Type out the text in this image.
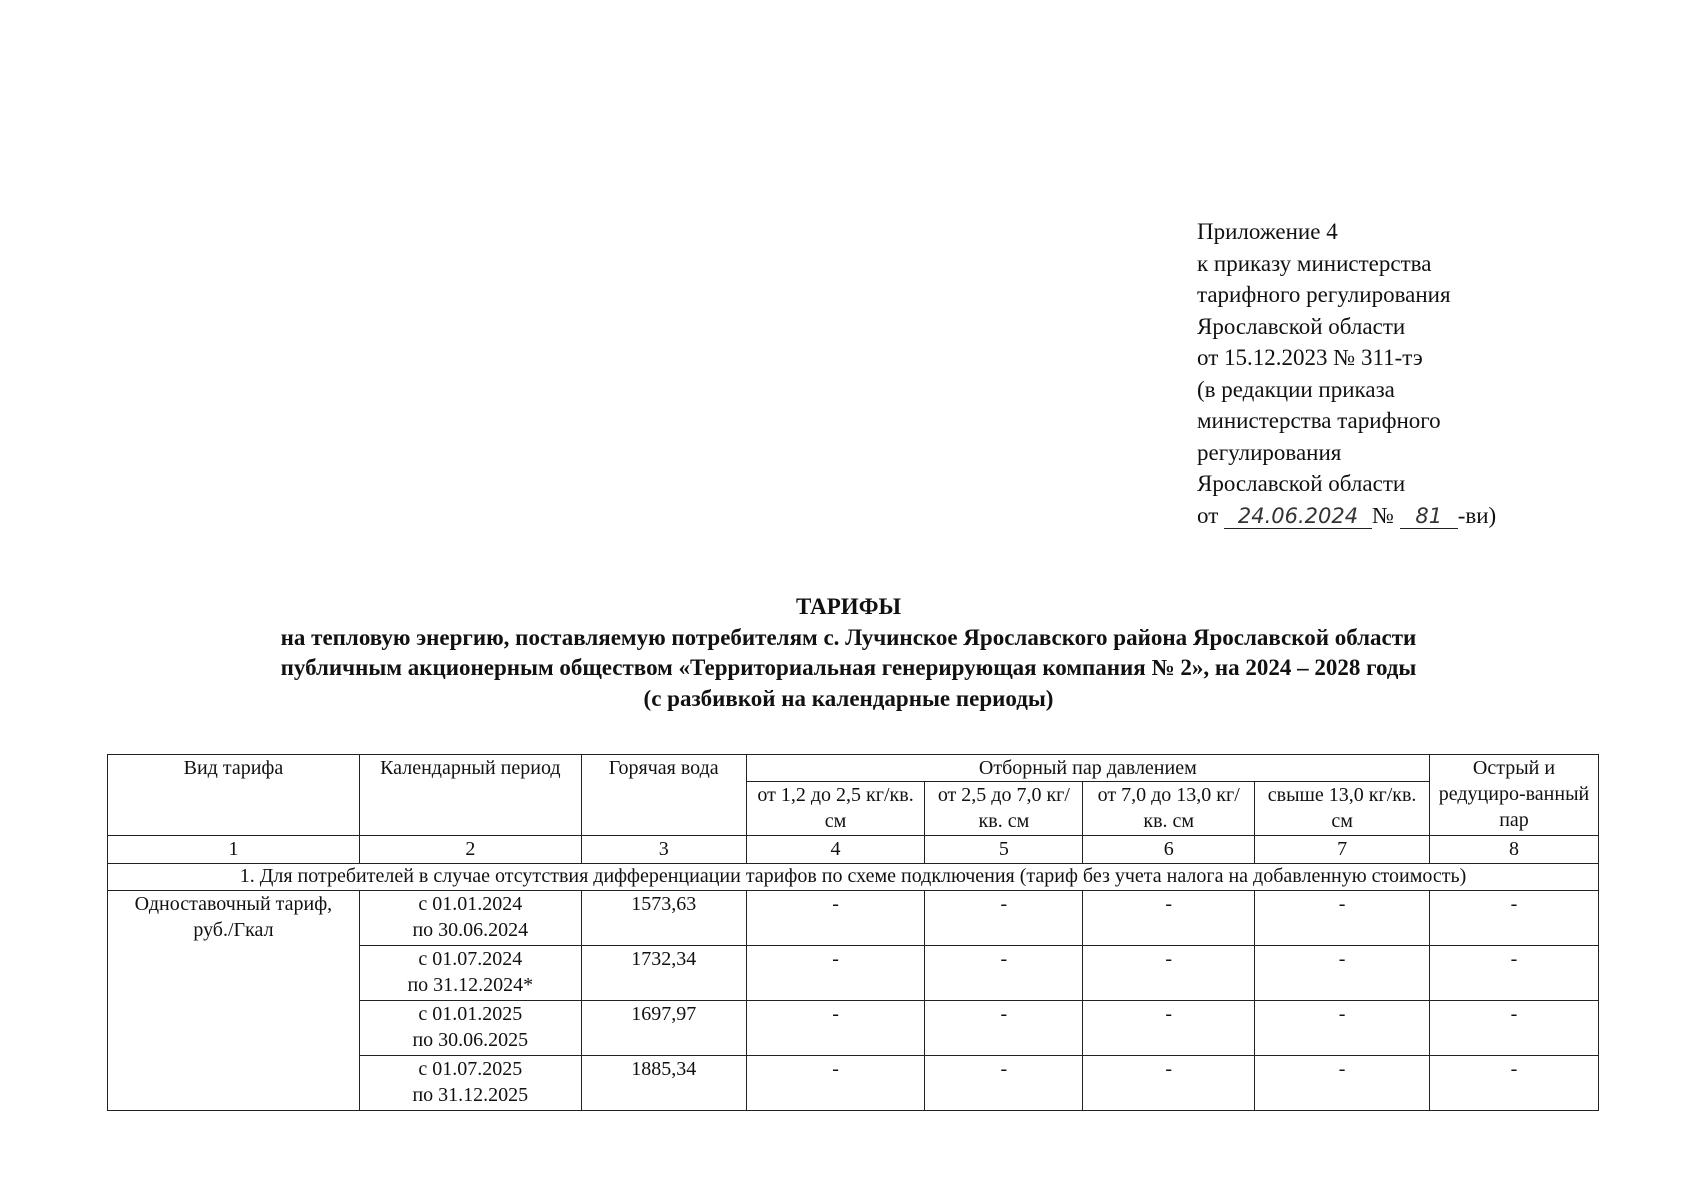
Приложение 4
к приказу министерства
тарифного регулирования
Ярославской области
от 15.12.2023 № 311-тэ
(в редакции приказа
министерства тарифного
регулирования
Ярославской области
от 24.06.2024 № 81 -ви)
ТАРИФЫ
на тепловую энергию, поставляемую потребителям с. Лучинское Ярославского района Ярославской области
публичным акционерным обществом «Территориальная генерирующая компания № 2», на 2024 – 2028 годы
(с разбивкой на календарные периоды)
Вид тарифа	Календарный период	Горячая вода	Отборный пар давлением				Острый и редуциро-ванный пар
			от 1,2 до 2,5 кг/кв. см	от 2,5 до 7,0 кг/кв. см	от 7,0 до 13,0 кг/кв. см	свыше 13,0 кг/кв. см	
1	2	3	4	5	6	7	8
1. Для потребителей в случае отсутствия дифференциации тарифов по схеме подключения (тариф без учета налога на добавленную стоимость)							
Одноставочный тариф, руб./Гкал	с 01.01.2024
по 30.06.2024	1573,63	-	-	-	-	-
	с 01.07.2024
по 31.12.2024*	1732,34	-	-	-	-	-
	с 01.01.2025
по 30.06.2025	1697,97	-	-	-	-	-
	с 01.07.2025
по 31.12.2025	1885,34	-	-	-	-	-
